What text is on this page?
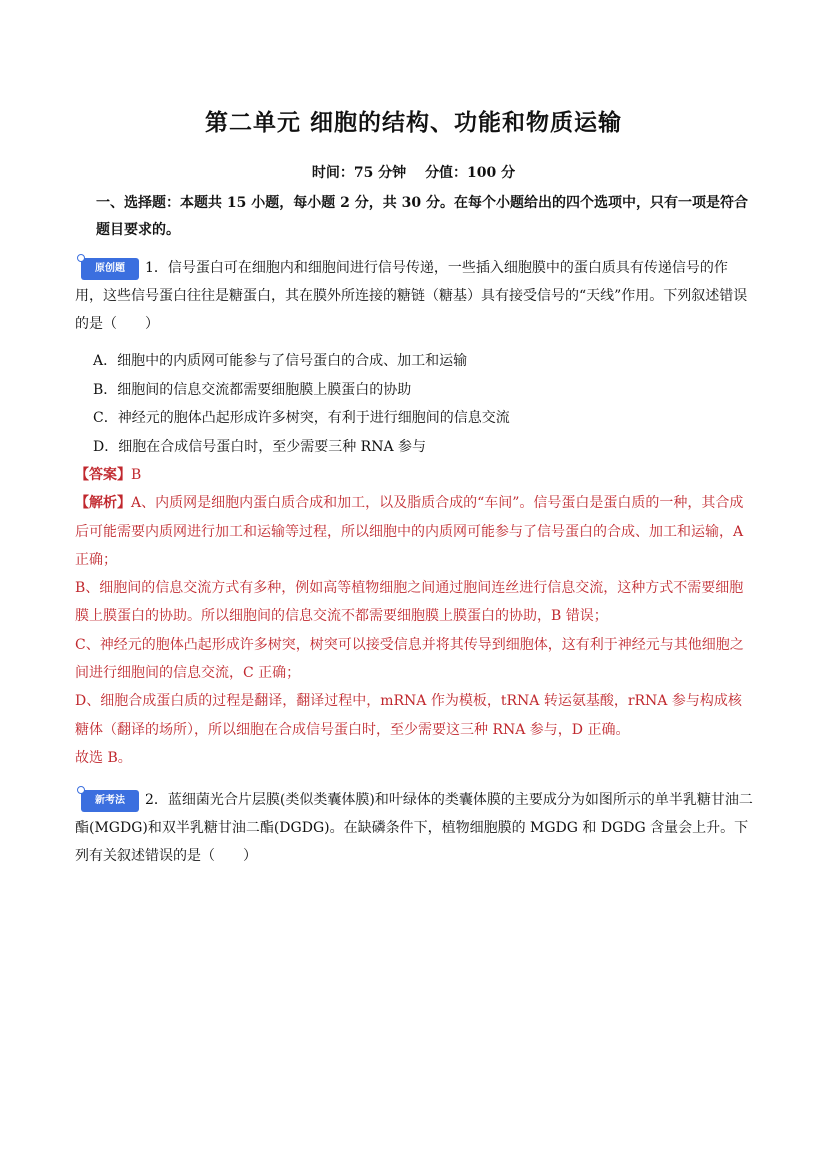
第二单元 细胞的结构、功能和物质运输
时间：75 分钟 分值：100 分
一、选择题：本题共 15 小题，每小题 2 分，共 30 分。在每个小题给出的四个选项中，只有一项是符合题目要求的。
原创题 1．信号蛋白可在细胞内和细胞间进行信号传递，一些插入细胞膜中的蛋白质具有传递信号的作用，这些信号蛋白往往是糖蛋白，其在膜外所连接的糖链（糖基）具有接受信号的“天线”作用。下列叙述错误的是（　　）
A．细胞中的内质网可能参与了信号蛋白的合成、加工和运输
B．细胞间的信息交流都需要细胞膜上膜蛋白的协助
C．神经元的胞体凸起形成许多树突，有利于进行细胞间的信息交流
D．细胞在合成信号蛋白时，至少需要三种 RNA 参与

【答案】B

【解析】A、内质网是细胞内蛋白质合成和加工，以及脂质合成的“车间”。信号蛋白是蛋白质的一种，其合成后可能需要内质网进行加工和运输等过程，所以细胞中的内质网可能参与了信号蛋白的合成、加工和运输，A 正确；

B、细胞间的信息交流方式有多种，例如高等植物细胞之间通过胞间连丝进行信息交流，这种方式不需要细胞膜上膜蛋白的协助。所以细胞间的信息交流不都需要细胞膜上膜蛋白的协助，B 错误；

C、神经元的胞体凸起形成许多树突，树突可以接受信息并将其传导到细胞体，这有利于神经元与其他细胞之间进行细胞间的信息交流，C 正确；

D、细胞合成蛋白质的过程是翻译，翻译过程中，mRNA 作为模板，tRNA 转运氨基酸，rRNA 参与构成核糖体（翻译的场所），所以细胞在合成信号蛋白时，至少需要这三种 RNA 参与，D 正确。

故选 B。

新考法 2．蓝细菌光合片层膜(类似类囊体膜)和叶绿体的类囊体膜的主要成分为如图所示的单半乳糖甘油二酯(MGDG)和双半乳糖甘油二酯(DGDG)。在缺磷条件下，植物细胞膜的 MGDG 和 DGDG 含量会上升。下列有关叙述错误的是（　　）
